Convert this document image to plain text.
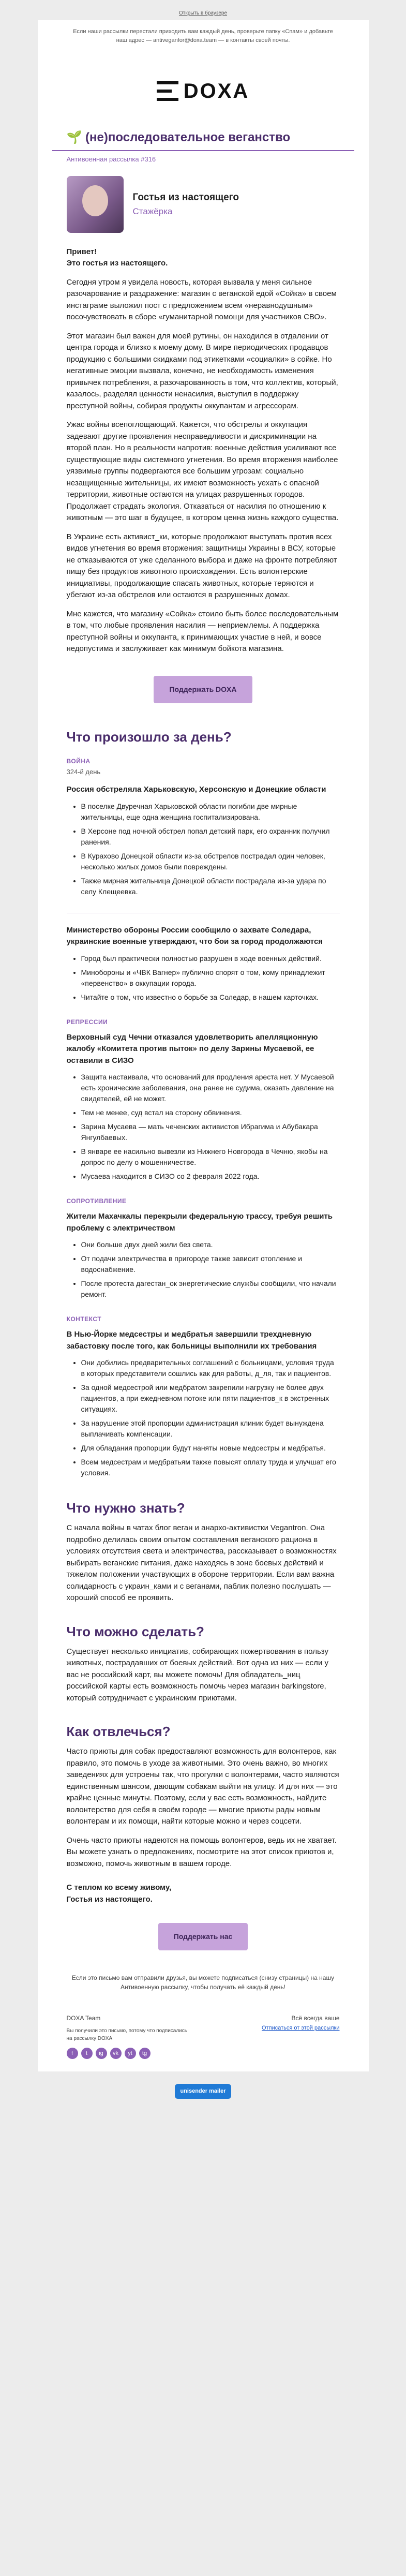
Открыть в браузере
Если наши рассылки перестали приходить вам каждый день, проверьте папку «Спам» и добавьте наш адрес — antiveganfor@doxa.team — в контакты своей почты.
DOXA
🌱 (не)последовательное веганство
Антивоенная рассылка #316
Гостья из настоящего
Стажёрка

Привет!
Это гостья из настоящего.

Сегодня утром я увидела новость, которая вызвала у меня сильное разочарование и раздражение: магазин с веганской едой «Сойка» в своем инстаграме выложил пост с предложением всем «неравнодушным» посочувствовать в сборе «гуманитарной помощи для участников СВО».

Этот магазин был важен для моей рутины, он находился в отдалении от центра города и близко к моему дому. В мире периодических продавцов продукцию с большими скидками под этикетками «социалки» в сойке. Но негативные эмоции вызвала, конечно, не необходимость изменения привычек потребления, а разочарованность в том, что коллектив, который, казалось, разделял ценности ненасилия, выступил в поддержку преступной войны, собирая продукты оккупантам и агрессорам.

Ужас войны всепоглощающий. Кажется, что обстрелы и оккупация задевают другие проявления несправедливости и дискриминации на второй план. Но в реальности напротив: военные действия усиливают все существующие виды системного угнетения. Во время вторжения наиболее уязвимые группы подвергаются все большим угрозам: социально незащищенные жительницы, их имеют возможность уехать с опасной территории, животные остаются на улицах разрушенных городов. Продолжает страдать экология. Отказаться от насилия по отношению к животным — это шаг в будущее, в котором ценна жизнь каждого существа.

В Украине есть активист_ки, которые продолжают выступать против всех видов угнетения во время вторжения: защитницы Украины в ВСУ, которые не отказываются от уже сделанного выбора и даже на фронте потребляют пищу без продуктов животного происхождения. Есть волонтерские инициативы, продолжающие спасать животных, которые теряются и убегают из-за обстрелов или остаются в разрушенных домах.

Мне кажется, что магазину «Сойка» стоило быть более последовательным в том, что любые проявления насилия — неприемлемы. А поддержка преступной войны и оккупанта, к принимающих участие в ней, и вовсе недопустима и заслуживает как минимум бойкота магазина.

Поддержать DOXA
Что произошло за день?
ВОЙНА
324-й день
Россия обстреляла Харьковскую, Херсонскую и Донецкие области
• В поселке Двуречная Харьковской области погибли две мирные жительницы, еще одна женщина госпитализирована.
• В Херсоне под ночной обстрел попал детский парк, его охранник получил ранения.
• В Курахово Донецкой области из-за обстрелов пострадал один человек, несколько жилых домов были повреждены.
• Также мирная жительница Донецкой области пострадала из-за удара по селу Клещеевка.
Министерство обороны России сообщило о захвате Соледара, украинские военные утверждают, что бои за город продолжаются
• Город был практически полностью разрушен в ходе военных действий.
• Минобороны и «ЧВК Вагнер» публично спорят о том, кому принадлежит «первенство» в оккупации города.
• Читайте о том, что известно о борьбе за Соледар, в нашем карточках.
РЕПРЕССИИ
Верховный суд Чечни отказался удовлетворить апелляционную жалобу «Комитета против пыток» по делу Зарины Мусаевой, ее оставили в СИЗО
• Защита настаивала, что оснований для продления ареста нет. У Мусаевой есть хронические заболевания, она ранее не судима, оказать давление на свидетелей, ей не может.
• Тем не менее, суд встал на сторону обвинения.
• Зарина Мусаева — мать чеченских активистов Ибрагима и Абубакара Янгулбаевых.
• В январе ее насильно вывезли из Нижнего Новгорода в Чечню, якобы на допрос по делу о мошенничестве.
• Мусаева находится в СИЗО со 2 февраля 2022 года.
СОПРОТИВЛЕНИЕ
Жители Махачкалы перекрыли федеральную трассу, требуя решить проблему с электричеством
• Они больше двух дней жили без света.
• От подачи электричества в пригороде также зависит отопление и водоснабжение.
• После протеста дагестан_ок энергетические службы сообщили, что начали ремонт.
КОНТЕКСТ
В Нью-Йорке медсестры и медбратья завершили трехдневную забастовку после того, как больницы выполнили их требования
• Они добились предварительных соглашений с больницами, условия труда в которых представители сошлись как для работы, д_ля, так и пациентов.
• За одной медсестрой или медбратом закрепили нагрузку не более двух пациентов, а при ежедневном потоке или пяти пациентов_к в экстренных ситуациях.
• За нарушение этой пропорции администрация клиник будет вынуждена выплачивать компенсации.
• Для обладания пропорции будут наняты новые медсестры и медбратья.
• Всем медсестрам и медбратьям также повысят оплату труда и улучшат его условия.
Что нужно знать?

С начала войны в чатах блог веган и анархо-активистки Vegantron. Она подробно делилась своим опытом составления веганского рациона в условиях отсутствия света и электричества, рассказывает о возможностях выбирать веганские питания, даже находясь в зоне боевых действий и тяжелом положении участвующих в обороне территории. Если вам важна солидарность с украин_ками и с веганами, паблик полезно послушать — хороший способ ее проявить.

Что можно сделать?

Существует несколько инициатив, собирающих пожертвования в пользу животных, пострадавших от боевых действий. Вот одна из них — если у вас не российский карт, вы можете помочь! Для обладатель_ниц российской карты есть возможность помочь через магазин barkingstore, который сотрудничает с украинским приютами.

Как отвлечься?

Часто приюты для собак предоставляют возможность для волонтеров, как правило, это помочь в уходе за животными. Это очень важно, во многих заведениях для устроены так, что прогулки с волонтерами, часто являются единственным шансом, дающим собакам выйти на улицу. И для них — это крайне ценные минуты. Поэтому, если у вас есть возможность, найдите волонтерство для себя в своём городе — многие приюты рады новым волонтерам и их помощи, найти которые можно и через соцсети.

Очень часто приюты надеются на помощь волонтеров, ведь их не хватает. Вы можете узнать о предложениях, посмотрите на этот список приютов и, возможно, помочь животным в вашем городе.

С теплом ко всему живому,
Гостья из настоящего.
Поддержать нас
Если это письмо вам отправили друзья, вы можете подписаться (снизу страницы) на нашу Антивоенную рассылку, чтобы получать её каждый день!
DOXA Team
Вы получили это письмо, потому что подписались на рассылку DOXA
f	t	ig	vk	yt	tg
Всё всегда ваше
Отписаться от этой рассылки
unisender mailer
